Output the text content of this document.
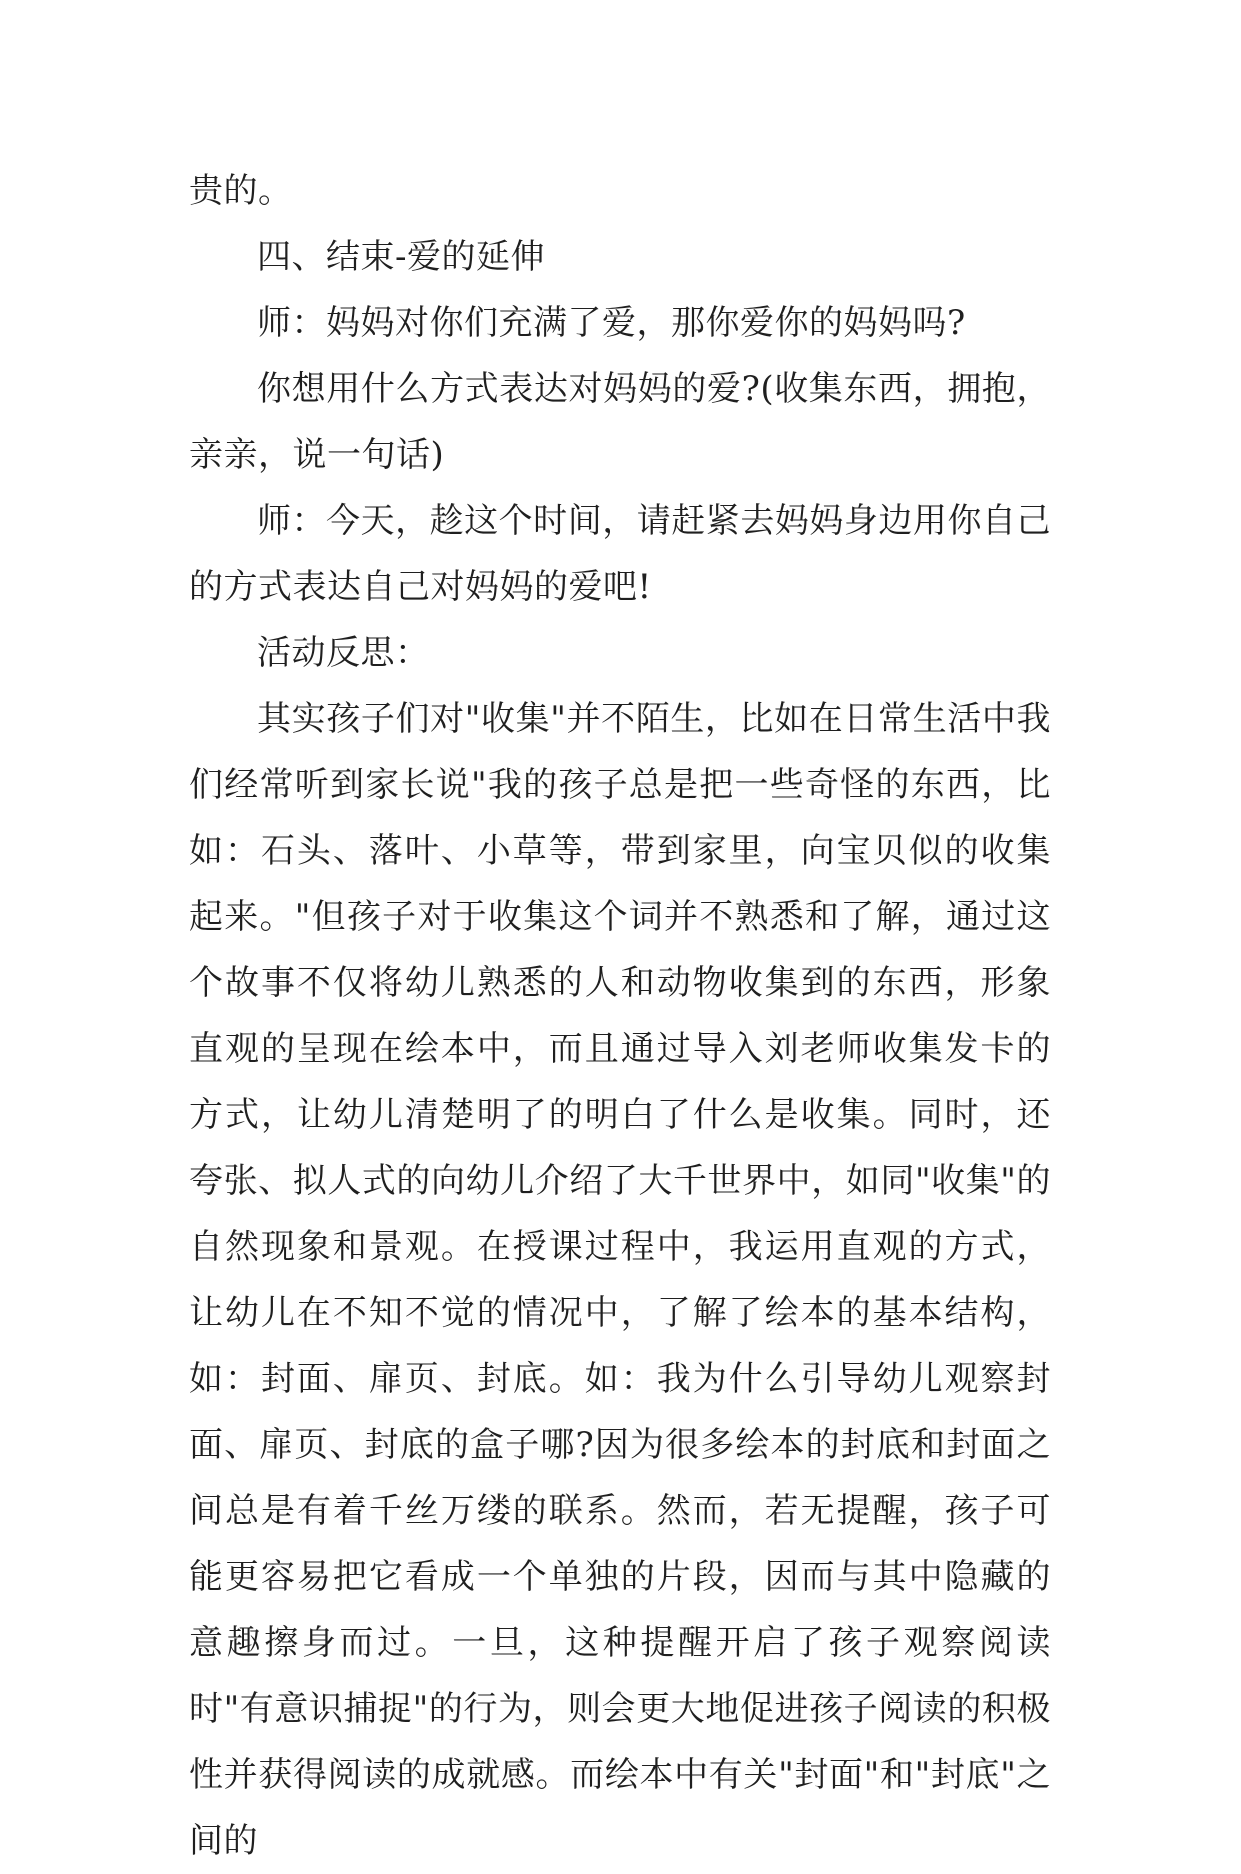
贵的。

四、结束-爱的延伸

师：妈妈对你们充满了爱，那你爱你的妈妈吗?

你想用什么方式表达对妈妈的爱?(收集东西，拥抱，亲亲，说一句话)

师：今天，趁这个时间，请赶紧去妈妈身边用你自己的方式表达自己对妈妈的爱吧!

活动反思：

其实孩子们对"收集"并不陌生，比如在日常生活中我们经常听到家长说"我的孩子总是把一些奇怪的东西，比如：石头、落叶、小草等，带到家里，向宝贝似的收集起来。"但孩子对于收集这个词并不熟悉和了解，通过这个故事不仅将幼儿熟悉的人和动物收集到的东西，形象直观的呈现在绘本中，而且通过导入刘老师收集发卡的方式，让幼儿清楚明了的明白了什么是收集。同时，还夸张、拟人式的向幼儿介绍了大千世界中，如同"收集"的自然现象和景观。在授课过程中，我运用直观的方式，让幼儿在不知不觉的情况中，了解了绘本的基本结构，如：封面、扉页、封底。如：我为什么引导幼儿观察封面、扉页、封底的盒子哪?因为很多绘本的封底和封面之间总是有着千丝万缕的联系。然而，若无提醒，孩子可能更容易把它看成一个单独的片段，因而与其中隐藏的意趣擦身而过。一旦，这种提醒开启了孩子观察阅读时"有意识捕捉"的行为，则会更大地促进孩子阅读的积极性并获得阅读的成就感。而绘本中有关"封面"和"封底"之间的
